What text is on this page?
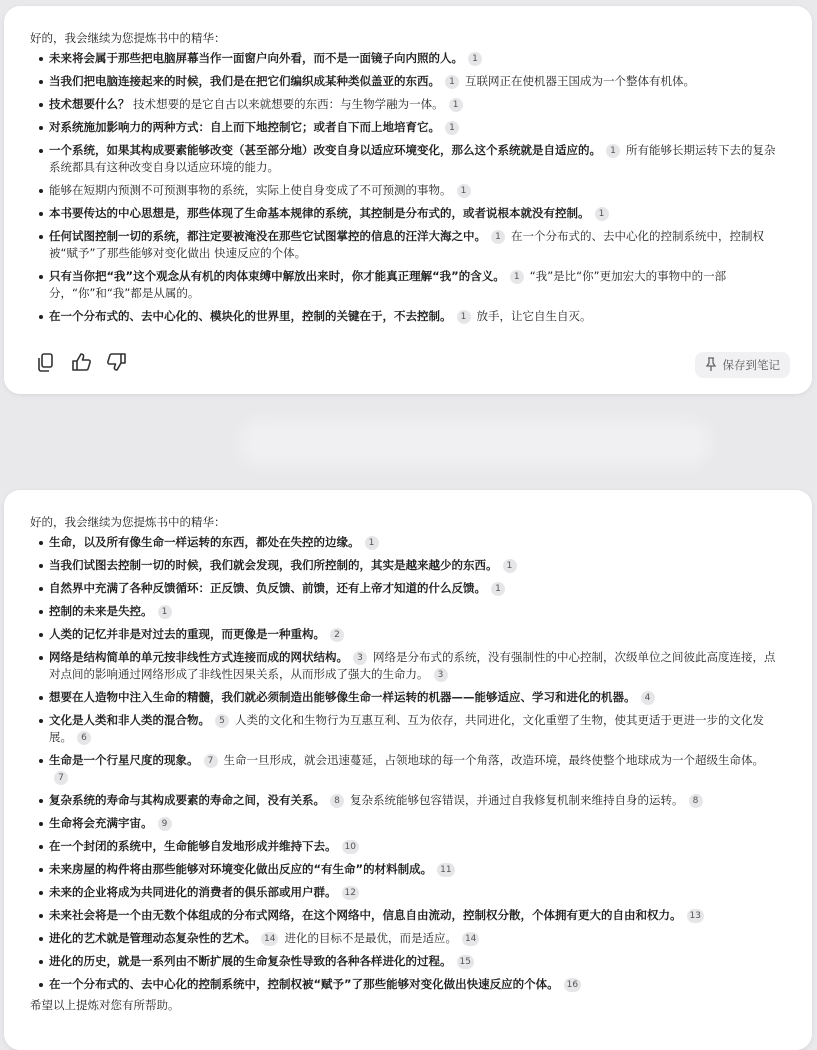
好的，我会继续为您提炼书中的精华：

未来将会属于那些把电脑屏幕当作一面窗户向外看，而不是一面镜子向内照的人。 1
当我们把电脑连接起来的时候，我们是在把它们编织成某种类似盖亚的东西。 1 互联网正在使机器王国成为一个整体有机体。
技术想要什么？ 技术想要的是它自古以来就想要的东西：与生物学融为一体。 1
对系统施加影响力的两种方式：自上而下地控制它；或者自下而上地培育它。 1
一个系统，如果其构成要素能够改变（甚至部分地）改变自身以适应环境变化，那么这个系统就是自适应的。 1 所有能够长期运转下去的复杂系统都具有这种改变自身以适应环境的能力。
能够在短期内预测不可预测事物的系统，实际上使自身变成了不可预测的事物。 1
本书要传达的中心思想是，那些体现了生命基本规律的系统，其控制是分布式的，或者说根本就没有控制。 1
任何试图控制一切的系统，都注定要被淹没在那些它试图掌控的信息的汪洋大海之中。 1 在一个分布式的、去中心化的控制系统中，控制权被“赋予”了那些能够对变化做出 快速反应的个体。
只有当你把“我”这个观念从有机的肉体束缚中解放出来时，你才能真正理解“我”的含义。 1 “我”是比“你”更加宏大的事物中的一部分，“你”和“我”都是从属的。
在一个分布式的、去中心化的、模块化的世界里，控制的关键在于，不去控制。 1 放手，让它自生自灭。
保存到笔记

好的，我会继续为您提炼书中的精华：

生命，以及所有像生命一样运转的东西，都处在失控的边缘。 1
当我们试图去控制一切的时候，我们就会发现，我们所控制的，其实是越来越少的东西。 1
自然界中充满了各种反馈循环：正反馈、负反馈、前馈，还有上帝才知道的什么反馈。 1
控制的未来是失控。 1
人类的记忆并非是对过去的重现，而更像是一种重构。 2
网络是结构简单的单元按非线性方式连接而成的网状结构。 3 网络是分布式的系统，没有强制性的中心控制，次级单位之间彼此高度连接，点对点间的影响通过网络形成了非线性因果关系，从而形成了强大的生命力。 3
想要在人造物中注入生命的精髓，我们就必须制造出能够像生命一样运转的机器——能够适应、学习和进化的机器。 4
文化是人类和非人类的混合物。 5 人类的文化和生物行为互惠互利、互为依存，共同进化，文化重塑了生物，使其更适于更进一步的文化发展。 6
生命是一个行星尺度的现象。 7 生命一旦形成，就会迅速蔓延，占领地球的每一个角落，改造环境，最终使整个地球成为一个超级生命体。7
复杂系统的寿命与其构成要素的寿命之间，没有关系。 8 复杂系统能够包容错误，并通过自我修复机制来维持自身的运转。 8
生命将会充满宇宙。 9
在一个封闭的系统中，生命能够自发地形成并维持下去。 10
未来房屋的构件将由那些能够对环境变化做出反应的“有生命”的材料制成。 11
未来的企业将成为共同进化的消费者的俱乐部或用户群。 12
未来社会将是一个由无数个体组成的分布式网络，在这个网络中，信息自由流动，控制权分散，个体拥有更大的自由和权力。 13
进化的艺术就是管理动态复杂性的艺术。 14 进化的目标不是最优，而是适应。 14
进化的历史，就是一系列由不断扩展的生命复杂性导致的各种各样进化的过程。 15
在一个分布式的、去中心化的控制系统中，控制权被“赋予”了那些能够对变化做出快速反应的个体。 16
希望以上提炼对您有所帮助。
